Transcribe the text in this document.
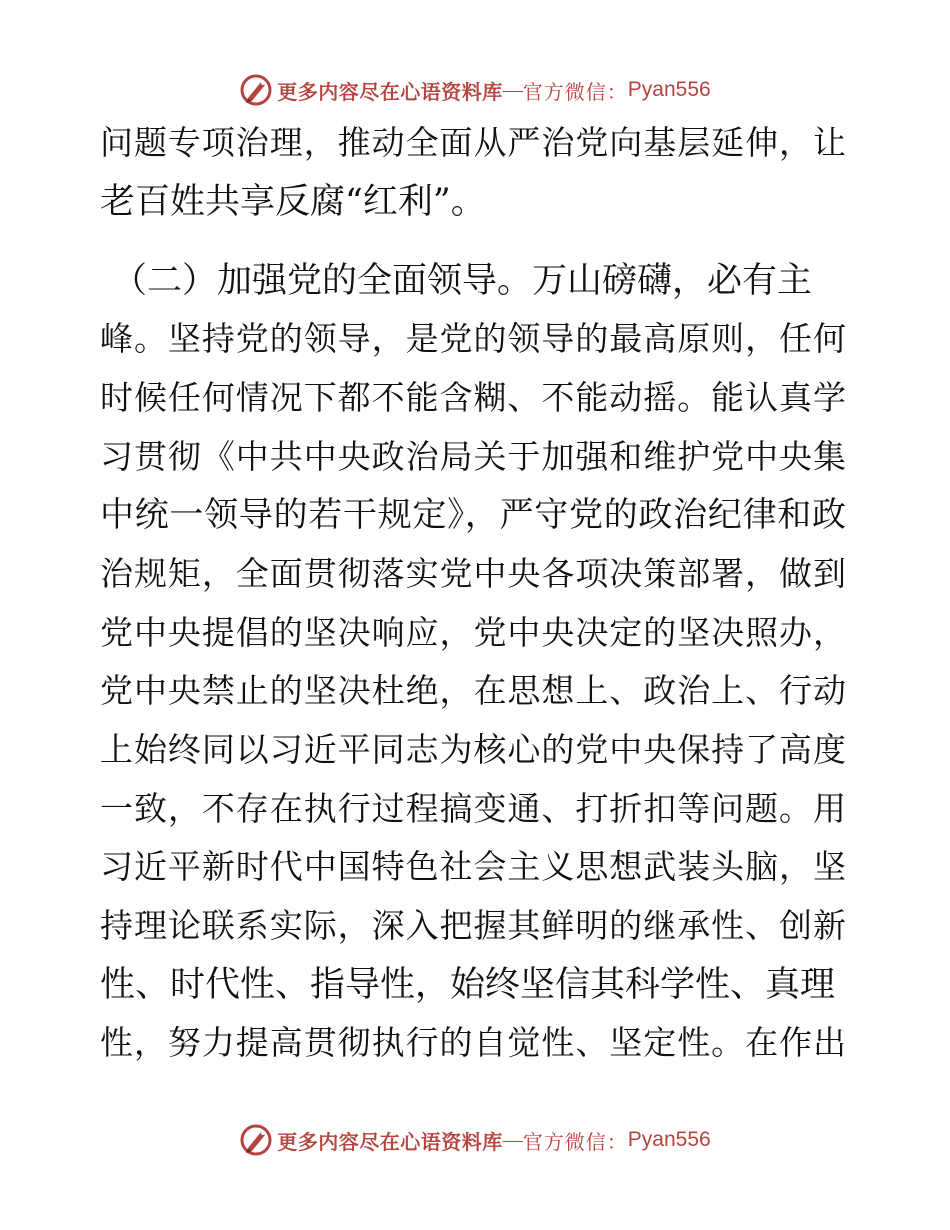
更多内容尽在心语资料库 — 官方微信： Pyan556
问题专项治理，推动全面从严治党向基层延伸，让
老百姓共享反腐“红利”。
（二）加强党的全面领导。万山磅礴，必有主
峰。坚持党的领导，是党的领导的最高原则，任何
时候任何情况下都不能含糊、不能动摇。能认真学
习贯彻《中共中央政治局关于加强和维护党中央集
中统一领导的若干规定》，严守党的政治纪律和政
治规矩，全面贯彻落实党中央各项决策部署，做到
党中央提倡的坚决响应，党中央决定的坚决照办，
党中央禁止的坚决杜绝，在思想上、政治上、行动
上始终同以习近平同志为核心的党中央保持了高度
一致，不存在执行过程搞变通、打折扣等问题。用
习近平新时代中国特色社会主义思想武装头脑，坚
持理论联系实际，深入把握其鲜明的继承性、创新
性、时代性、指导性，始终坚信其科学性、真理
性，努力提高贯彻执行的自觉性、坚定性。在作出
更多内容尽在心语资料库 — 官方微信： Pyan556
